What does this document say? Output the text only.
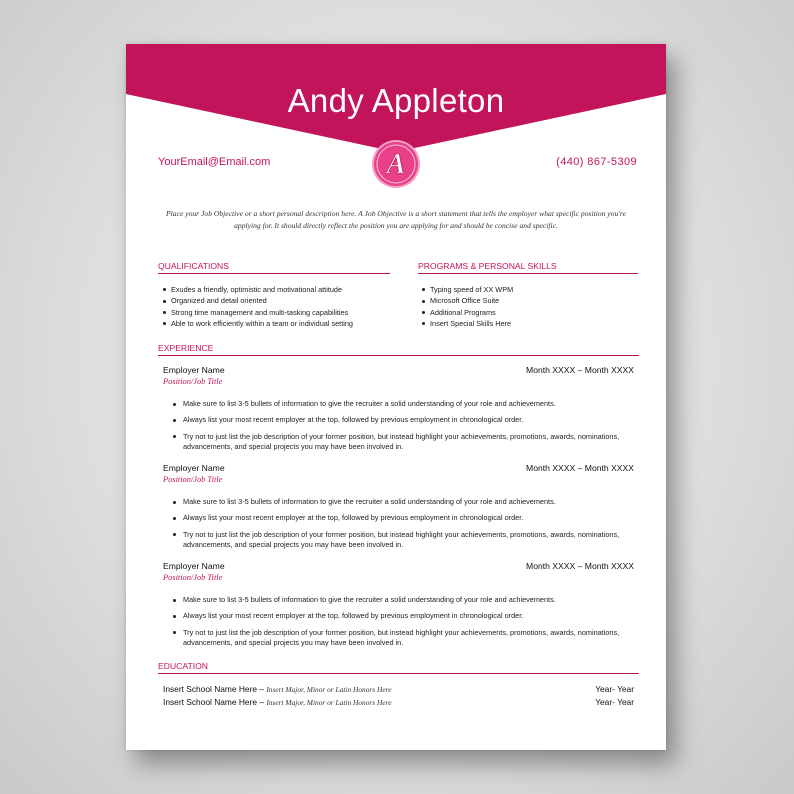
Andy Appleton
A
YourEmail@Email.com	(440) 867-5309
Place your Job Objective or a short personal description here. A Job Objective is a short statement that tells the employer what specific position you're applying for. It should directly reflect the position you are applying for and should be concise and specific.
QUALIFICATIONS
Exudes a friendly, optimistic and motivational attitude
Organized and detail oriented
Strong time management and multi-tasking capabilities
Able to work efficiently within a team or individual setting
PROGRAMS & PERSONAL SKILLS
Typing speed of XX WPM
Microsoft Office Suite
Additional Programs
Insert Special Skills Here
EXPERIENCE
Employer Name	Month XXXX – Month XXXX
Position/Job Title
Make sure to list 3-5 bullets of information to give the recruiter a solid understanding of your role and achievements.
Always list your most recent employer at the top, followed by previous employment in chronological order.
Try not to just list the job description of your former position, but instead highlight your achievements, promotions, awards, nominations, advancements, and special projects you may have been involved in.
Employer Name	Month XXXX – Month XXXX
Position/Job Title
Make sure to list 3-5 bullets of information to give the recruiter a solid understanding of your role and achievements.
Always list your most recent employer at the top, followed by previous employment in chronological order.
Try not to just list the job description of your former position, but instead highlight your achievements, promotions, awards, nominations, advancements, and special projects you may have been involved in.
Employer Name	Month XXXX – Month XXXX
Position/Job Title
Make sure to list 3-5 bullets of information to give the recruiter a solid understanding of your role and achievements.
Always list your most recent employer at the top, followed by previous employment in chronological order.
Try not to just list the job description of your former position, but instead highlight your achievements, promotions, awards, nominations, advancements, and special projects you may have been involved in.
EDUCATION
Insert School Name Here – Insert Major, Minor or Latin Honors Here	Year- Year
Insert School Name Here – Insert Major, Minor or Latin Honors Here	Year- Year
